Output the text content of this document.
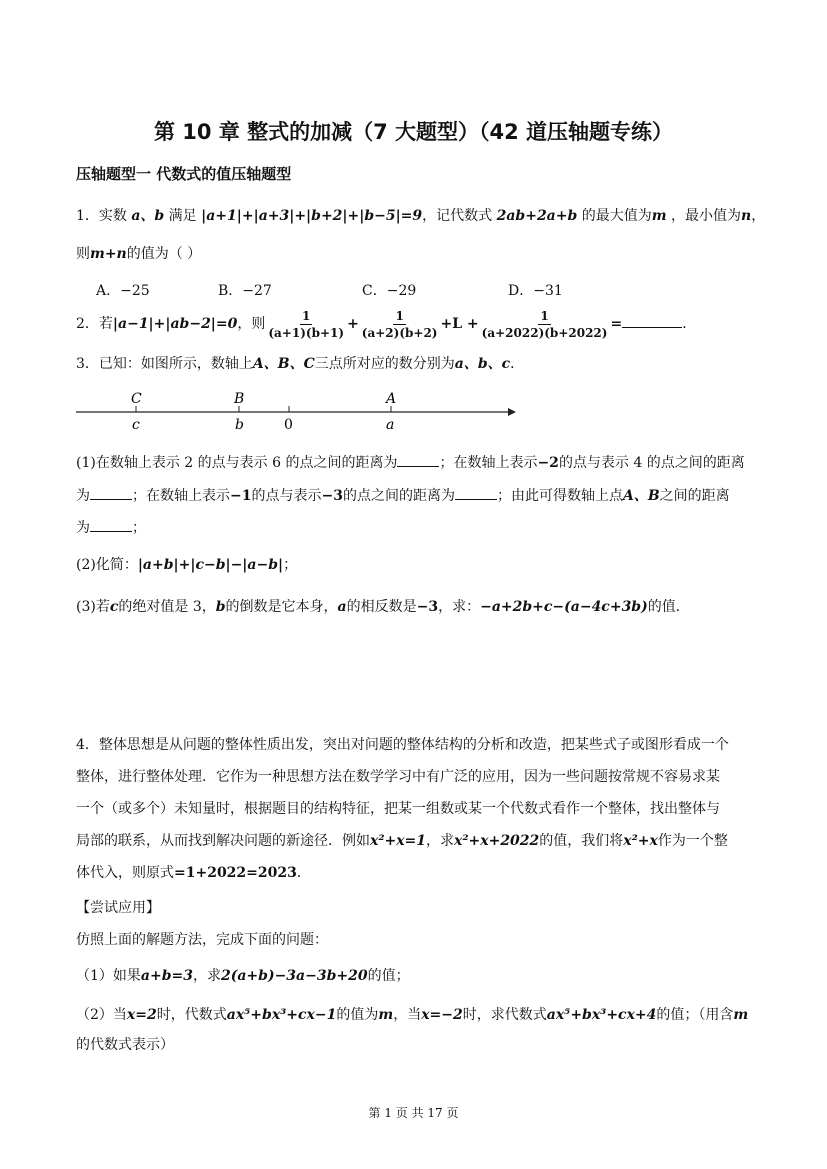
第 10 章 整式的加减（7 大题型）（42 道压轴题专练）
压轴题型一 代数式的值压轴题型
1．实数 a、b 满足 |a+1|+|a+3|+|b+2|+|b−5|=9，记代数式 2ab+2a+b 的最大值为m ，最小值为n，
则m+n的值为（ ）
A．−25	B．−27	C．−29	D．−31
2．若|a−1|+|ab−2|=0，则 $\frac{1}{(a+1)(b+1)} + \frac{1}{(a+2)(b+2)} +L + \frac{1}{(a+2022)(b+2022)}$ =	．
3．已知：如图所示，数轴上A、B、C三点所对应的数分别为a、b、c．
C	B	A
c	b	0	a
(1)在数轴上表示 2 的点与表示 6 的点之间的距离为	；在数轴上表示−2的点与表示 4 的点之间的距离
为	；在数轴上表示−1的点与表示−3的点之间的距离为	；由此可得数轴上点A、B之间的距离
为	；
(2)化简：|a+b|+|c−b|−|a−b|；
(3)若c的绝对值是 3，b的倒数是它本身，a的相反数是−3，求：−a+2b+c−(a−4c+3b)的值．
4．整体思想是从问题的整体性质出发，突出对问题的整体结构的分析和改造，把某些式子或图形看成一个
整体，进行整体处理．它作为一种思想方法在数学学习中有广泛的应用，因为一些问题按常规不容易求某
一个（或多个）未知量时，根据题目的结构特征，把某一组数或某一个代数式看作一个整体，找出整体与
局部的联系，从而找到解决问题的新途径．例如x²+x=1，求x²+x+2022的值，我们将x²+x作为一个整
体代入，则原式=1+2022=2023．
【尝试应用】
仿照上面的解题方法，完成下面的问题：
（1）如果a+b=3，求2(a+b)−3a−3b+20的值；
（2）当x=2时，代数式ax⁵+bx³+cx−1的值为m，当x=−2时，求代数式ax⁵+bx³+cx+4的值；（用含m
的代数式表示）
第 1 页 共 17 页
